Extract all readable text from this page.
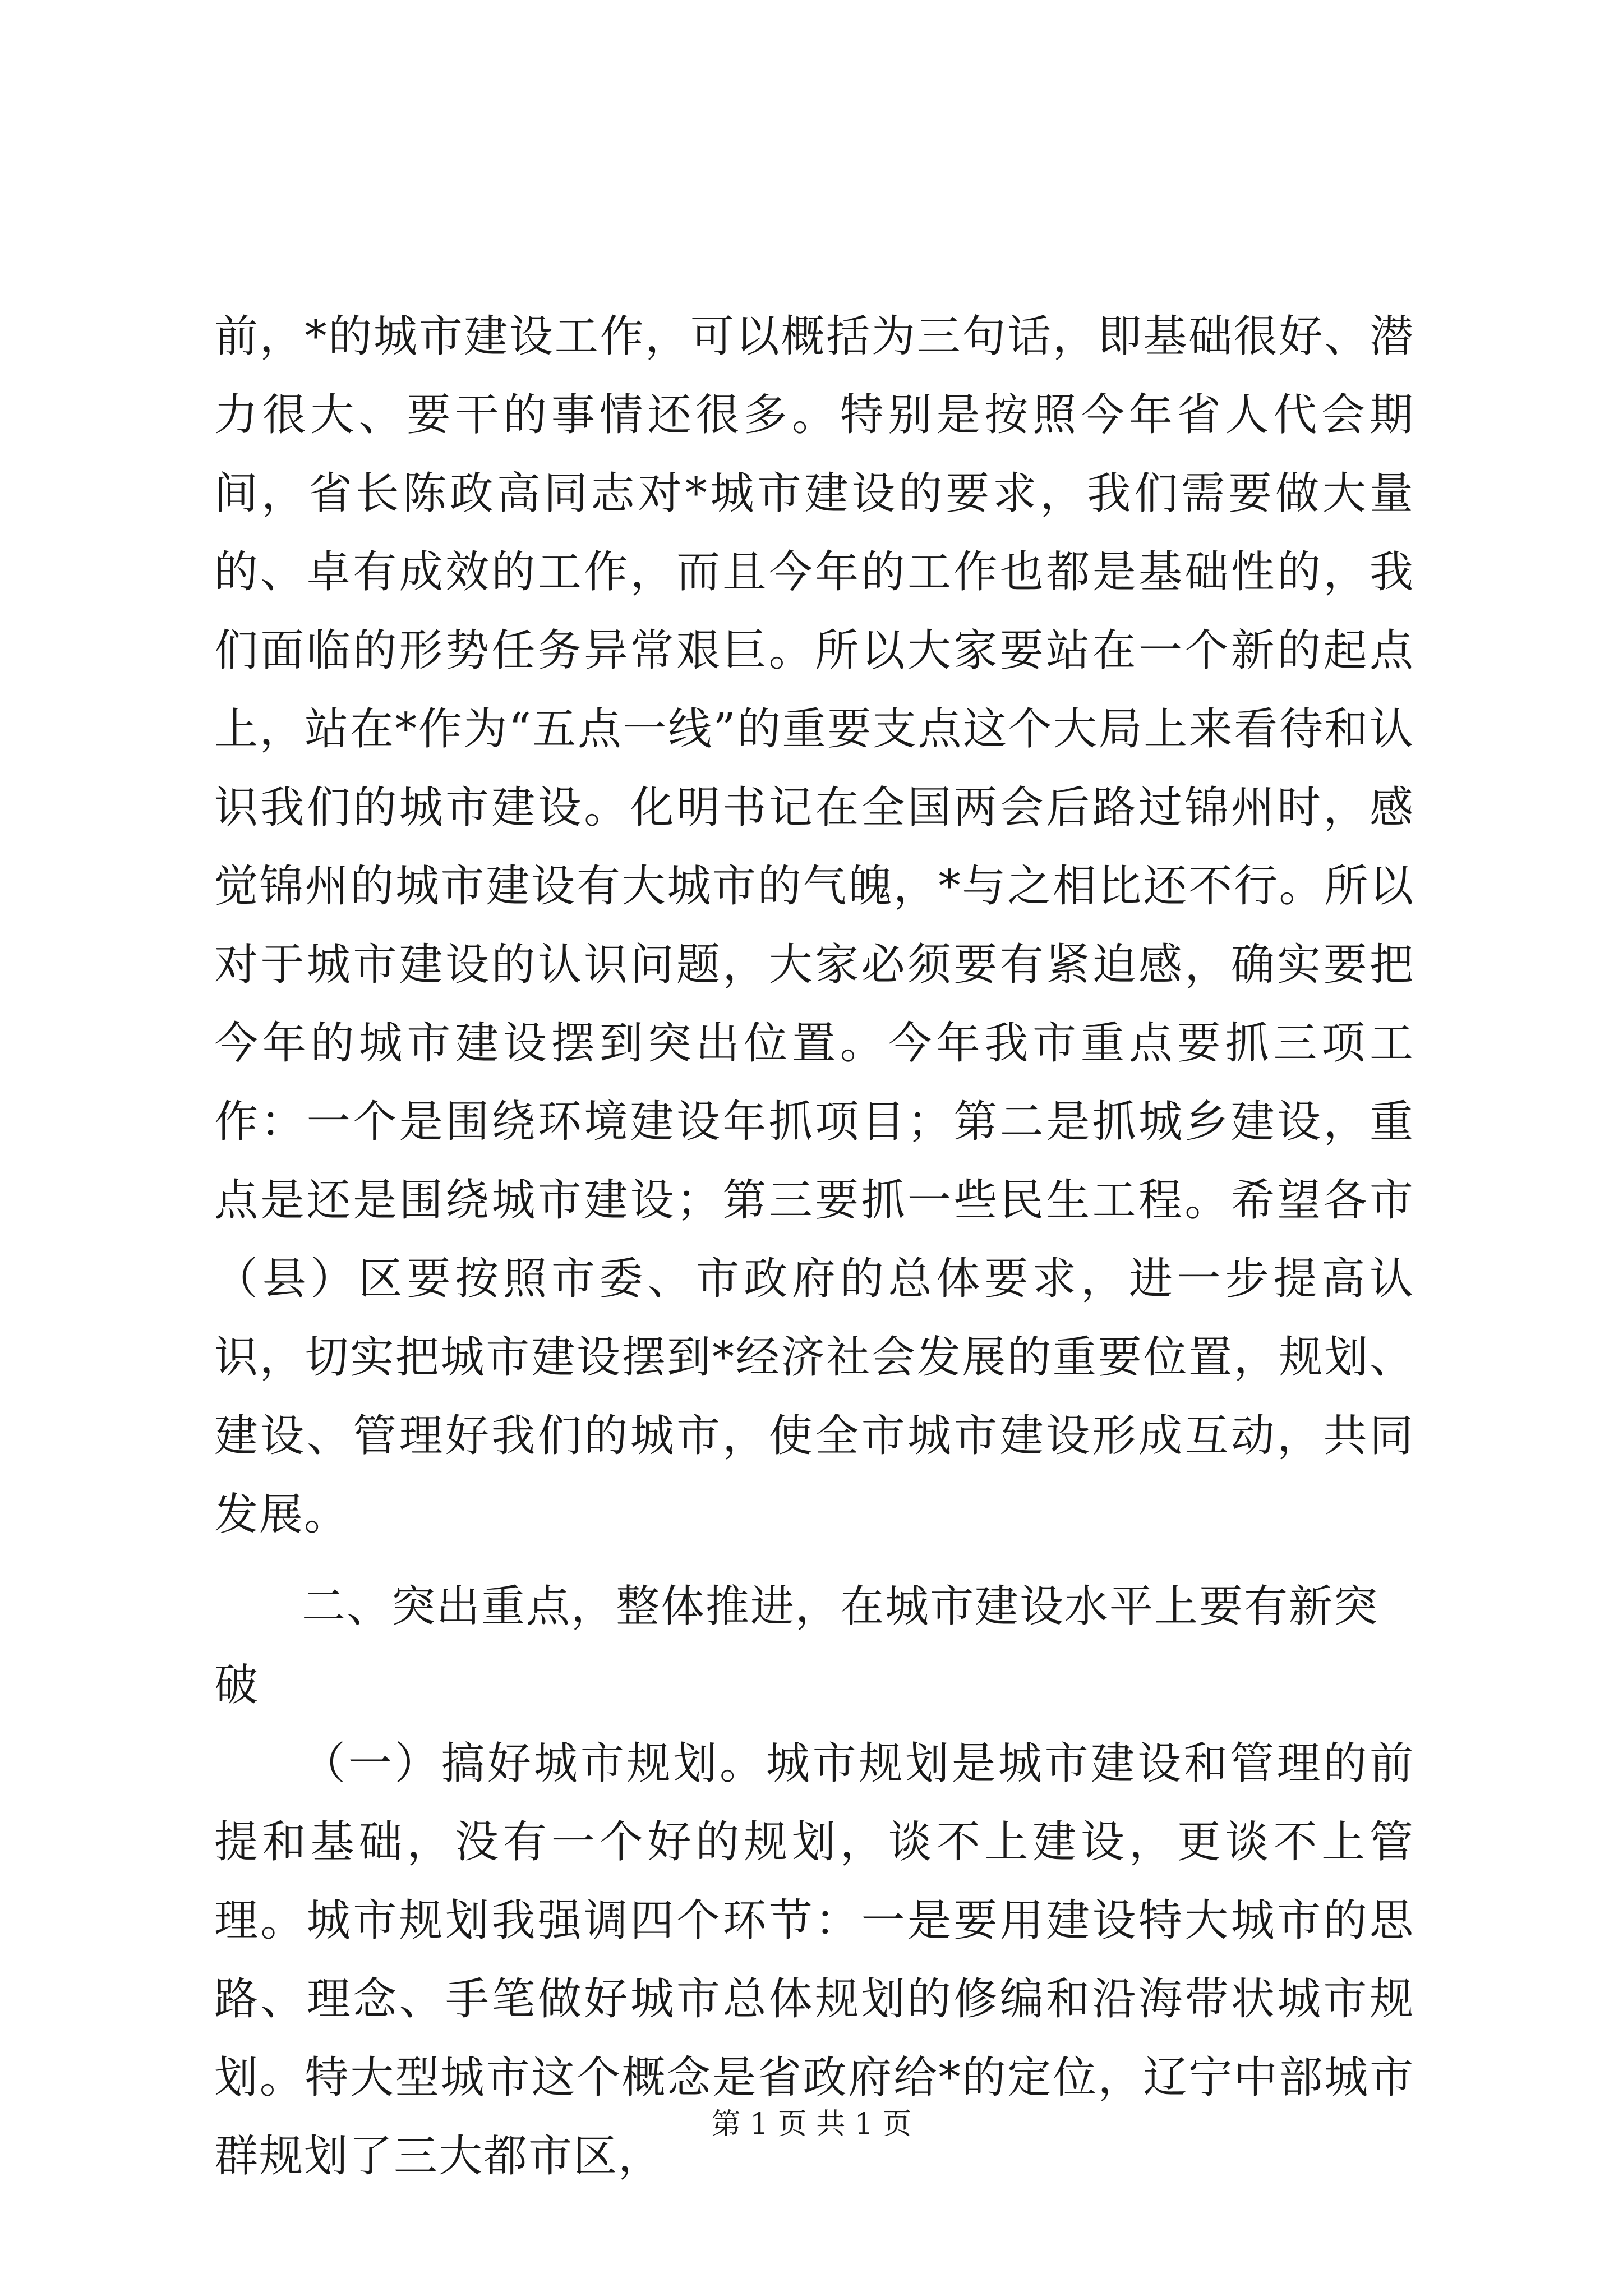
前，*的城市建设工作，可以概括为三句话，即基础很好、潜力很大、要干的事情还很多。特别是按照今年省人代会期间，省长陈政高同志对*城市建设的要求，我们需要做大量的、卓有成效的工作，而且今年的工作也都是基础性的，我们面临的形势任务异常艰巨。所以大家要站在一个新的起点上，站在*作为“五点一线”的重要支点这个大局上来看待和认识我们的城市建设。化明书记在全国两会后路过锦州时，感觉锦州的城市建设有大城市的气魄，*与之相比还不行。所以对于城市建设的认识问题，大家必须要有紧迫感，确实要把今年的城市建设摆到突出位置。今年我市重点要抓三项工作：一个是围绕环境建设年抓项目；第二是抓城乡建设，重点是还是围绕城市建设；第三要抓一些民生工程。希望各市（县）区要按照市委、市政府的总体要求，进一步提高认识，切实把城市建设摆到*经济社会发展的重要位置，规划、建设、管理好我们的城市，使全市城市建设形成互动，共同发展。

二、突出重点，整体推进，在城市建设水平上要有新突破

（一）搞好城市规划。城市规划是城市建设和管理的前提和基础，没有一个好的规划，谈不上建设，更谈不上管理。城市规划我强调四个环节：一是要用建设特大城市的思路、理念、手笔做好城市总体规划的修编和沿海带状城市规划。特大型城市这个概念是省政府给*的定位，辽宁中部城市群规划了三大都市区，

第 1 页 共 1 页
